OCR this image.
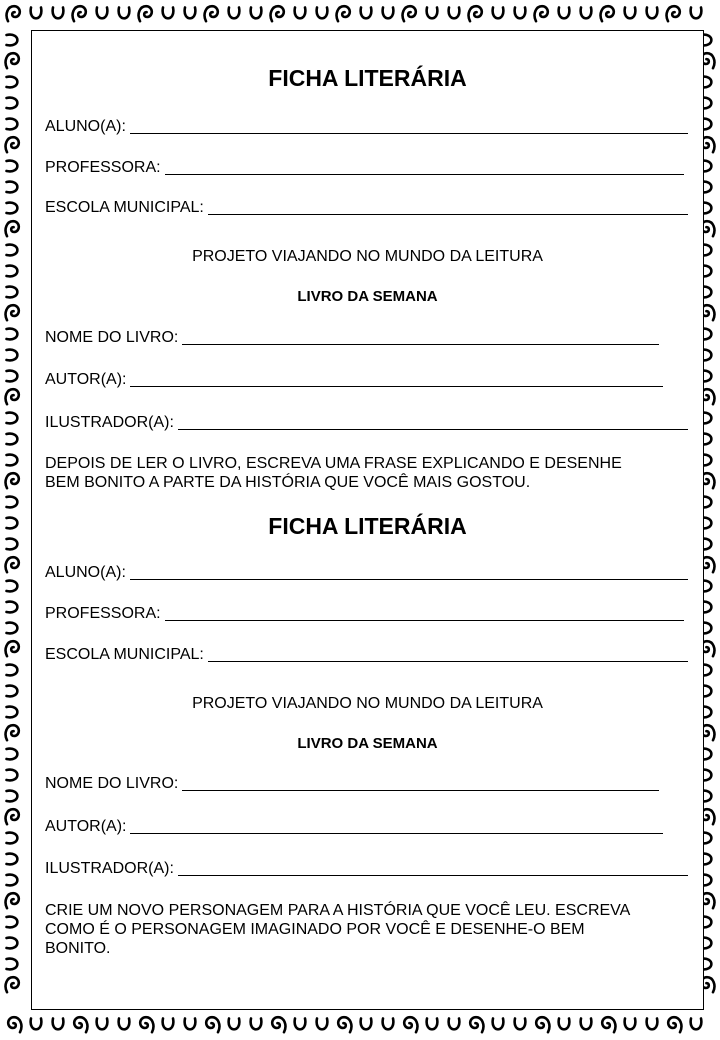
FICHA LITERÁRIA
ALUNO(A):
PROFESSORA:
ESCOLA MUNICIPAL:
PROJETO VIAJANDO NO MUNDO DA LEITURA
LIVRO DA SEMANA
NOME DO LIVRO:
AUTOR(A):
ILUSTRADOR(A):
DEPOIS DE LER O LIVRO, ESCREVA UMA FRASE EXPLICANDO E DESENHE
BEM BONITO A PARTE DA HISTÓRIA QUE VOCÊ MAIS GOSTOU.
FICHA LITERÁRIA
ALUNO(A):
PROFESSORA:
ESCOLA MUNICIPAL:
PROJETO VIAJANDO NO MUNDO DA LEITURA
LIVRO DA SEMANA
NOME DO LIVRO:
AUTOR(A):
ILUSTRADOR(A):
CRIE UM NOVO PERSONAGEM PARA A HISTÓRIA QUE VOCÊ LEU. ESCREVA
COMO É O PERSONAGEM IMAGINADO POR VOCÊ E DESENHE-O BEM
BONITO.
